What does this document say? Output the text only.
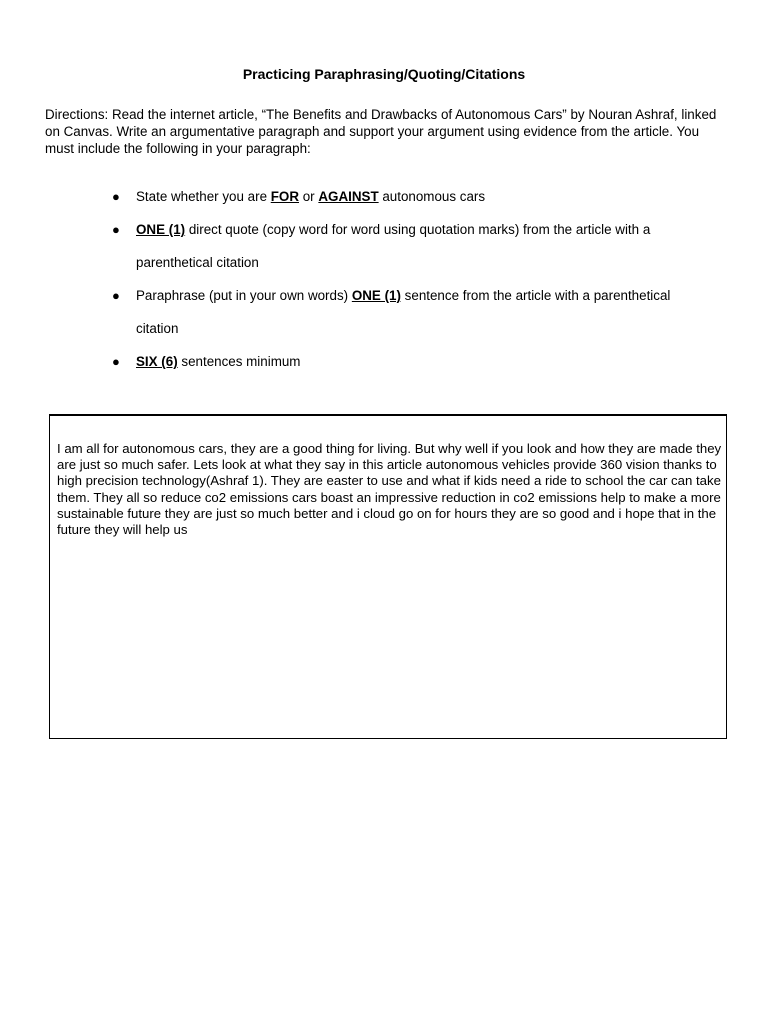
Practicing Paraphrasing/Quoting/Citations
Directions: Read the internet article, “The Benefits and Drawbacks of Autonomous Cars” by Nouran Ashraf, linked on Canvas. Write an argumentative paragraph and support your argument using evidence from the article. You must include the following in your paragraph:
● State whether you are FOR or AGAINST autonomous cars
● ONE (1) direct quote (copy word for word using quotation marks) from the article with a parenthetical citation
● Paraphrase (put in your own words) ONE (1) sentence from the article with a parenthetical citation
● SIX (6) sentences minimum

I am all for autonomous cars, they are a good thing for living. But why well if you look and how they are made they are just so much safer. Lets look at what they say in this article autonomous vehicles provide 360 vision thanks to high precision technology(Ashraf 1). They are easter to use and what if kids need a ride to school the car can take them. They all so reduce co2 emissions cars boast an impressive reduction in co2 emissions help to make a more sustainable future they are just so much better and i cloud go on for hours they are so good and i hope that in the future they will help us
